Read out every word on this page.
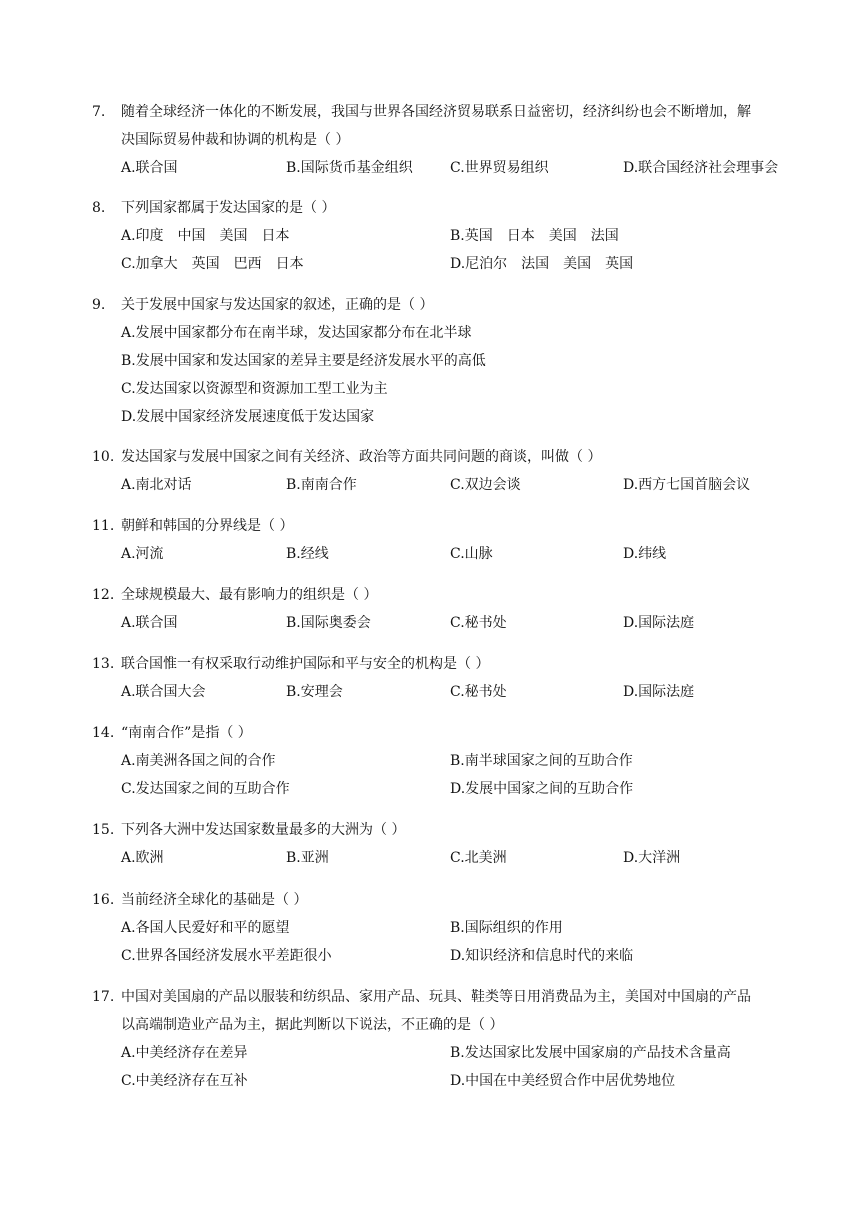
7. 随着全球经济一体化的不断发展，我国与世界各国经济贸易联系日益密切，经济纠纷也会不断增加，解
决国际贸易仲裁和协调的机构是（ ）
A.联合国	B.国际货币基金组织	C.世界贸易组织	D.联合国经济社会理事会
8. 下列国家都属于发达国家的是（ ）
A.印度　中国　美国　日本	B.英国　日本　美国　法国
C.加拿大　英国　巴西　日本	D.尼泊尔　法国　美国　英国
9. 关于发展中国家与发达国家的叙述，正确的是（ ）
A.发展中国家都分布在南半球，发达国家都分布在北半球
B.发展中国家和发达国家的差异主要是经济发展水平的高低
C.发达国家以资源型和资源加工型工业为主
D.发展中国家经济发展速度低于发达国家
10. 发达国家与发展中国家之间有关经济、政治等方面共同问题的商谈，叫做（ ）
A.南北对话	B.南南合作	C.双边会谈	D.西方七国首脑会议
11. 朝鲜和韩国的分界线是（ ）
A.河流	B.经线	C.山脉	D.纬线
12. 全球规模最大、最有影响力的组织是（ ）
A.联合国	B.国际奥委会	C.秘书处	D.国际法庭
13. 联合国惟一有权采取行动维护国际和平与安全的机构是（ ）
A.联合国大会	B.安理会	C.秘书处	D.国际法庭
14. “南南合作”是指（ ）
A.南美洲各国之间的合作	B.南半球国家之间的互助合作
C.发达国家之间的互助合作	D.发展中国家之间的互助合作
15. 下列各大洲中发达国家数量最多的大洲为（ ）
A.欧洲	B.亚洲	C.北美洲	D.大洋洲
16. 当前经济全球化的基础是（ ）
A.各国人民爱好和平的愿望	B.国际组织的作用
C.世界各国经济发展水平差距很小	D.知识经济和信息时代的来临
17. 中国对美国扇的产品以服装和纺织品、家用产品、玩具、鞋类等日用消费品为主，美国对中国扇的产品
以高端制造业产品为主，据此判断以下说法，不正确的是（ ）
A.中美经济存在差异	B.发达国家比发展中国家扇的产品技术含量高
C.中美经济存在互补	D.中国在中美经贸合作中居优势地位
